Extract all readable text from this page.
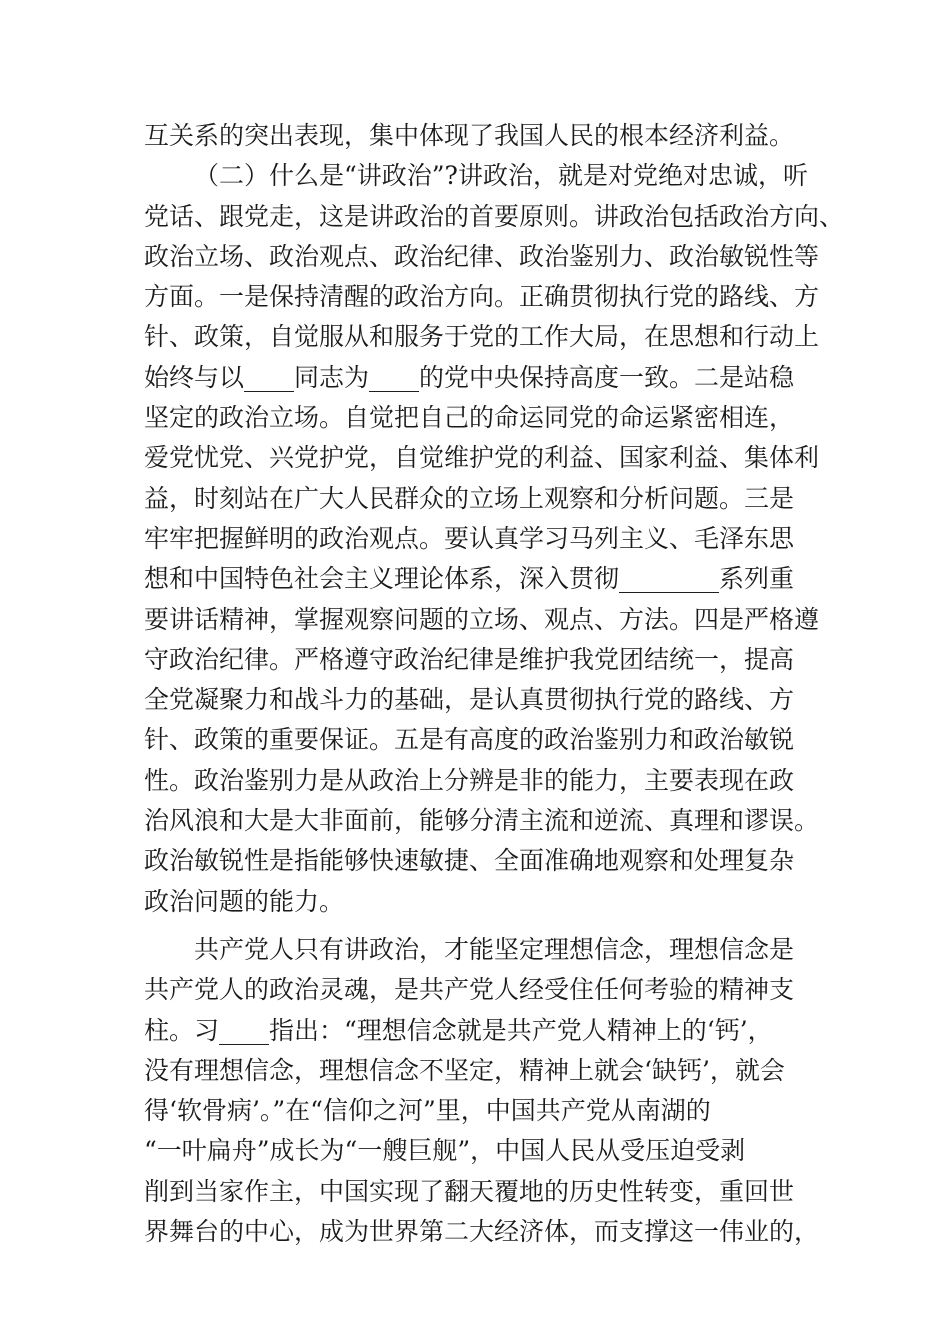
互关系的突出表现，集中体现了我国人民的根本经济利益。
（二）什么是“讲政治”?讲政治，就是对党绝对忠诚，听
党话、跟党走，这是讲政治的首要原则。讲政治包括政治方向、
政治立场、政治观点、政治纪律、政治鉴别力、政治敏锐性等
方面。一是保持清醒的政治方向。正确贯彻执行党的路线、方
针、政策，自觉服从和服务于党的工作大局，在思想和行动上
始终与以____同志为____的党中央保持高度一致。二是站稳
坚定的政治立场。自觉把自己的命运同党的命运紧密相连，
爱党忧党、兴党护党，自觉维护党的利益、国家利益、集体利
益，时刻站在广大人民群众的立场上观察和分析问题。三是
牢牢把握鲜明的政治观点。要认真学习马列主义、毛泽东思
想和中国特色社会主义理论体系，深入贯彻________系列重
要讲话精神，掌握观察问题的立场、观点、方法。四是严格遵
守政治纪律。严格遵守政治纪律是维护我党团结统一，提高
全党凝聚力和战斗力的基础，是认真贯彻执行党的路线、方
针、政策的重要保证。五是有高度的政治鉴别力和政治敏锐
性。政治鉴别力是从政治上分辨是非的能力，主要表现在政
治风浪和大是大非面前，能够分清主流和逆流、真理和谬误。
政治敏锐性是指能够快速敏捷、全面准确地观察和处理复杂
政治问题的能力。
共产党人只有讲政治，才能坚定理想信念，理想信念是
共产党人的政治灵魂，是共产党人经受住任何考验的精神支
柱。习____指出：“理想信念就是共产党人精神上的‘钙’，
没有理想信念，理想信念不坚定，精神上就会‘缺钙’，就会
得‘软骨病’。”在“信仰之河”里，中国共产党从南湖的
“一叶扁舟”成长为“一艘巨舰”，中国人民从受压迫受剥
削到当家作主，中国实现了翻天覆地的历史性转变，重回世
界舞台的中心，成为世界第二大经济体，而支撑这一伟业的，
